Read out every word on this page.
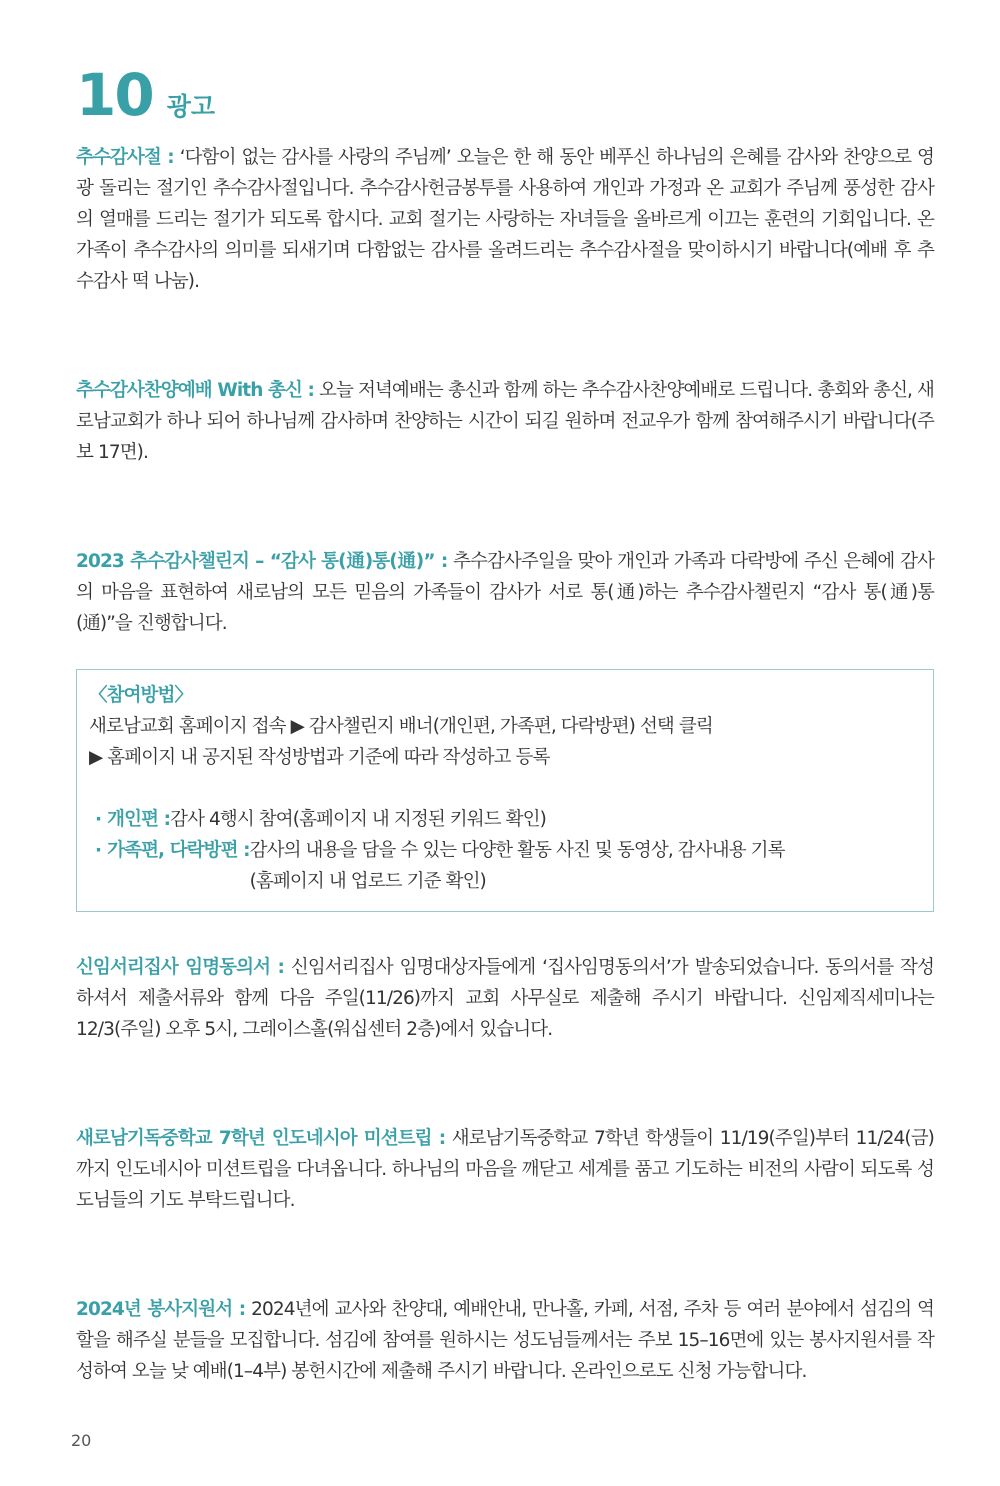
10 광고

추수감사절 : ‘다함이 없는 감사를 사랑의 주님께’ 오늘은 한 해 동안 베푸신 하나님의 은혜를 감사와 찬양으로 영광 돌리는 절기인 추수감사절입니다. 추수감사헌금봉투를 사용하여 개인과 가정과 온 교회가 주님께 풍성한 감사의 열매를 드리는 절기가 되도록 합시다. 교회 절기는 사랑하는 자녀들을 올바르게 이끄는 훈련의 기회입니다. 온 가족이 추수감사의 의미를 되새기며 다함없는 감사를 올려드리는 추수감사절을 맞이하시기 바랍니다(예배 후 추수감사 떡 나눔).

추수감사찬양예배 With 총신 : 오늘 저녁예배는 총신과 함께 하는 추수감사찬양예배로 드립니다. 총회와 총신, 새로남교회가 하나 되어 하나님께 감사하며 찬양하는 시간이 되길 원하며 전교우가 함께 참여해주시기 바랍니다(주보 17면).

2023 추수감사챌린지 – “감사 통(通)통(通)” : 추수감사주일을 맞아 개인과 가족과 다락방에 주신 은혜에 감사의 마음을 표현하여 새로남의 모든 믿음의 가족들이 감사가 서로 통(通)하는 추수감사챌린지 “감사 통(通)통(通)”을 진행합니다.

〈참여방법〉
새로남교회 홈페이지 접속 ▶ 감사챌린지 배너(개인편, 가족편, 다락방편) 선택 클릭
▶ 홈페이지 내 공지된 작성방법과 기준에 따라 작성하고 등록
· 개인편 : 감사 4행시 참여(홈페이지 내 지정된 키워드 확인)
· 가족편, 다락방편 : 감사의 내용을 담을 수 있는 다양한 활동 사진 및 동영상, 감사내용 기록
(홈페이지 내 업로드 기준 확인)

신임서리집사 임명동의서 : 신임서리집사 임명대상자들에게 ‘집사임명동의서’가 발송되었습니다. 동의서를 작성하셔서 제출서류와 함께 다음 주일(11/26)까지 교회 사무실로 제출해 주시기 바랍니다. 신임제직세미나는 12/3(주일) 오후 5시, 그레이스홀(워십센터 2층)에서 있습니다.

새로남기독중학교 7학년 인도네시아 미션트립 : 새로남기독중학교 7학년 학생들이 11/19(주일)부터 11/24(금)까지 인도네시아 미션트립을 다녀옵니다. 하나님의 마음을 깨닫고 세계를 품고 기도하는 비전의 사람이 되도록 성도님들의 기도 부탁드립니다.

2024년 봉사지원서 : 2024년에 교사와 찬양대, 예배안내, 만나홀, 카페, 서점, 주차 등 여러 분야에서 섬김의 역할을 해주실 분들을 모집합니다. 섬김에 참여를 원하시는 성도님들께서는 주보 15–16면에 있는 봉사지원서를 작성하여 오늘 낮 예배(1–4부) 봉헌시간에 제출해 주시기 바랍니다. 온라인으로도 신청 가능합니다.

20
